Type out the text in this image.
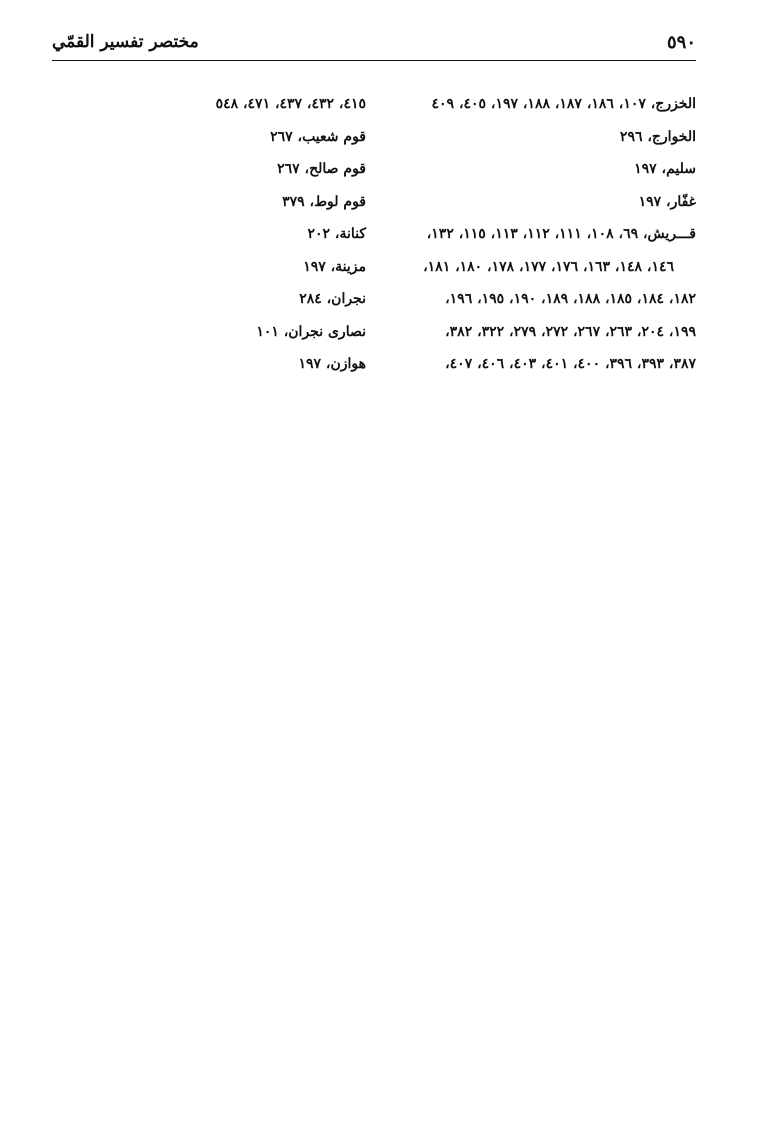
٥٩٠
مختصر تفسير القمّي
الخزرج، ١٠٧، ١٨٦، ١٨٧، ١٨٨، ١٩٧، ٤٠٥، ٤٠٩
الخوارج، ٢٩٦
سليم، ١٩٧
غفّار، ١٩٧
قـــريش، ٦٩، ١٠٨، ١١١، ١١٢، ١١٣، ١١٥، ١٣٢،
١٤٦، ١٤٨، ١٦٣، ١٧٦، ١٧٧، ١٧٨، ١٨٠، ١٨١،
١٨٢، ١٨٤، ١٨٥، ١٨٨، ١٨٩، ١٩٠، ١٩٥، ١٩٦،
١٩٩، ٢٠٤، ٢٦٣، ٢٦٧، ٢٧٢، ٢٧٩، ٣٢٢، ٣٨٢،
٣٨٧، ٣٩٣، ٣٩٦، ٤٠٠، ٤٠١، ٤٠٣، ٤٠٦، ٤٠٧،
٤١٥، ٤٣٢، ٤٣٧، ٤٧١، ٥٤٨
قوم شعيب، ٢٦٧
قوم صالح، ٢٦٧
قوم لوط، ٣٧٩
كنانة، ٢٠٢
مزينة، ١٩٧
نجران، ٢٨٤
نصارى نجران، ١٠١
هوازن، ١٩٧
